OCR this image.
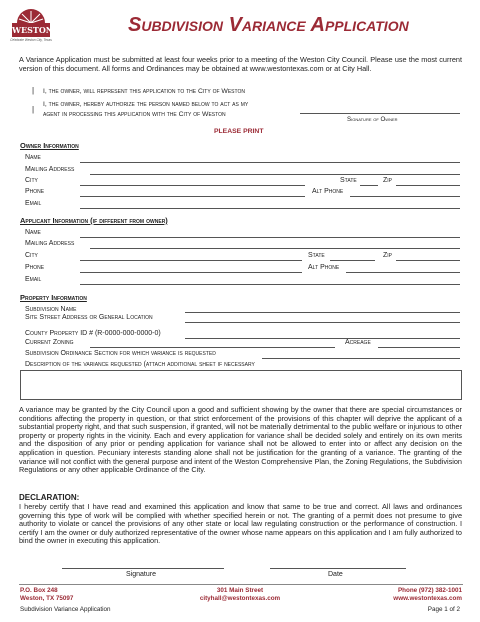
WESTON
Celebrate Weston City, Texas
Subdivision Variance Application
A Variance Application must be submitted at least four weeks prior to a meeting of the Weston City Council. Please use the most current version of this document. All forms and Ordinances may be obtained at www.westontexas.com or at City Hall.
| I, the owner, will represent this application to the City of Weston
|
I, the owner, hereby authorize the person named below to act as my
agent in processing this application with the City of Weston
Signature of Owner
PLEASE PRINT
Owner Information
Name
Mailing Address
City	State	Zip
Phone	Alt Phone
Email
Applicant Information (if different from owner)
Name
Mailing Address
City	State	Zip
Phone	Alt Phone
Email
Property Information
Subdivision Name
Site Street Address or General Location
County Property ID # (R-0000-000-0000-0)
Current Zoning	Acreage
Subdivision Ordinance Section for which variance is requested
Description of the variance requested (attach additional sheet if necessary
A variance may be granted by the City Council upon a good and sufficient showing by the owner that there are special circumstances or conditions affecting the property in question, or that strict enforcement of the provisions of this chapter will deprive the applicant of a substantial property right, and that such suspension, if granted, will not be materially detrimental to the public welfare or injurious to other property or property rights in the vicinity. Each and every application for variance shall be decided solely and entirely on its own merits and the disposition of any prior or pending application for variance shall not be allowed to enter into or affect any decision on the application in question. Pecuniary interests standing alone shall not be justification for the granting of a variance. The granting of the variance will not conflict with the general purpose and intent of the Weston Comprehensive Plan, the Zoning Regulations, the Subdivision Regulations or any other applicable Ordinance of the City.
DECLARATION:
I hereby certify that I have read and examined this application and know that same to be true and correct. All laws and ordinances governing this type of work will be complied with whether specified herein or not. The granting of a permit does not presume to give authority to violate or cancel the provisions of any other state or local law regulating construction or the performance of construction. I certify I am the owner or duly authorized representative of the owner whose name appears on this application and I am fully authorized to bind the owner in executing this application.
Signature	Date
P.O. Box 248
Weston, TX 75097
301 Main Street
cityhall@westontexas.com
Phone (972) 382-1001
www.westontexas.com
Subdivision Variance Application	Page 1 of 2
